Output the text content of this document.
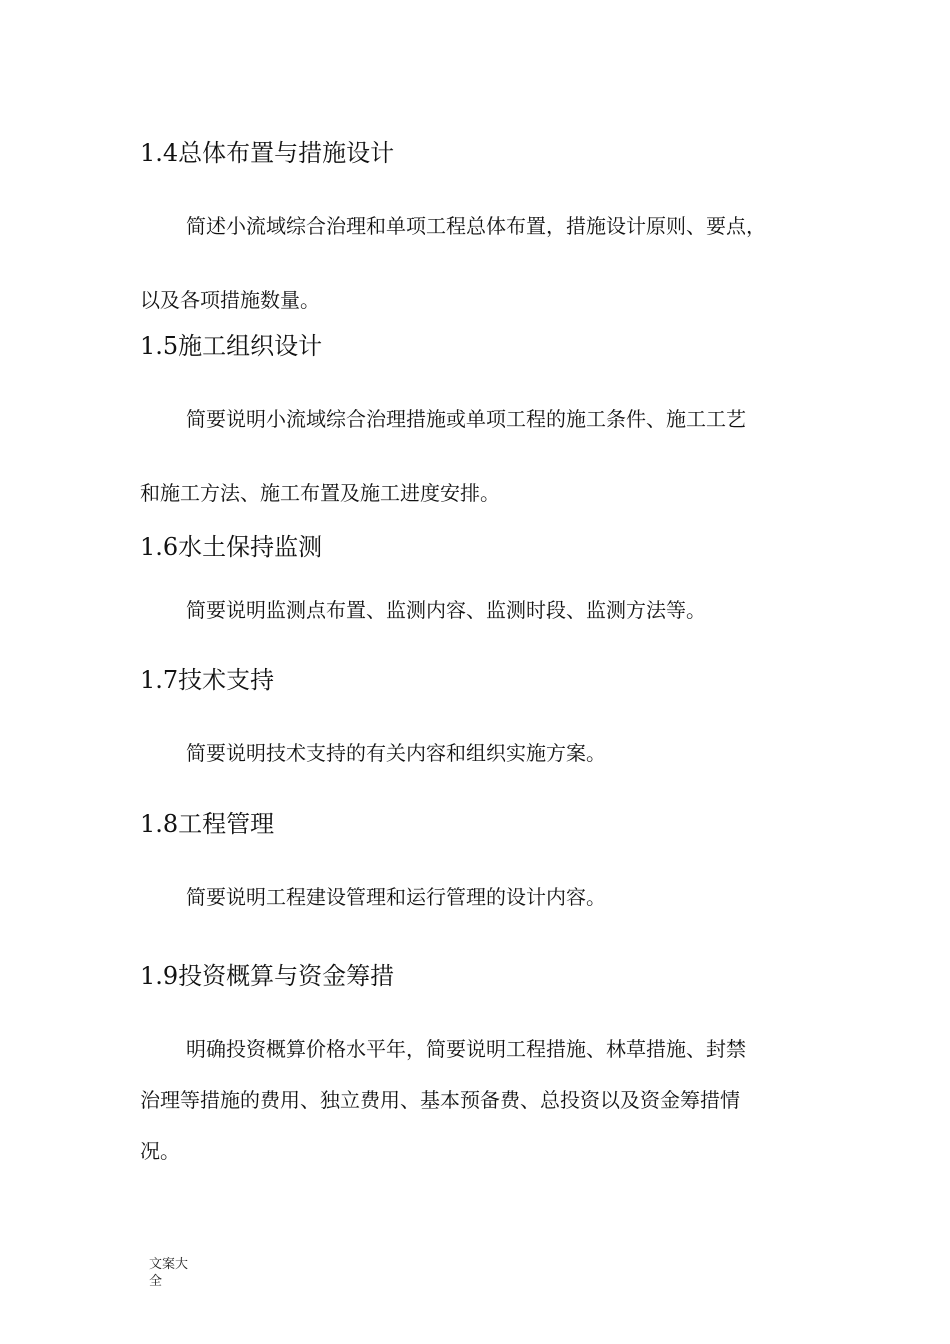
1.4总体布置与措施设计
简述小流域综合治理和单项工程总体布置，措施设计原则、要点，
以及各项措施数量。
1.5施工组织设计
简要说明小流域综合治理措施或单项工程的施工条件、施工工艺
和施工方法、施工布置及施工进度安排。
1.6水土保持监测
简要说明监测点布置、监测内容、监测时段、监测方法等。
1.7技术支持
简要说明技术支持的有关内容和组织实施方案。
1.8工程管理
简要说明工程建设管理和运行管理的设计内容。
1.9投资概算与资金筹措
明确投资概算价格水平年，简要说明工程措施、林草措施、封禁
治理等措施的费用、独立费用、基本预备费、总投资以及资金筹措情
况。
文案大
全
